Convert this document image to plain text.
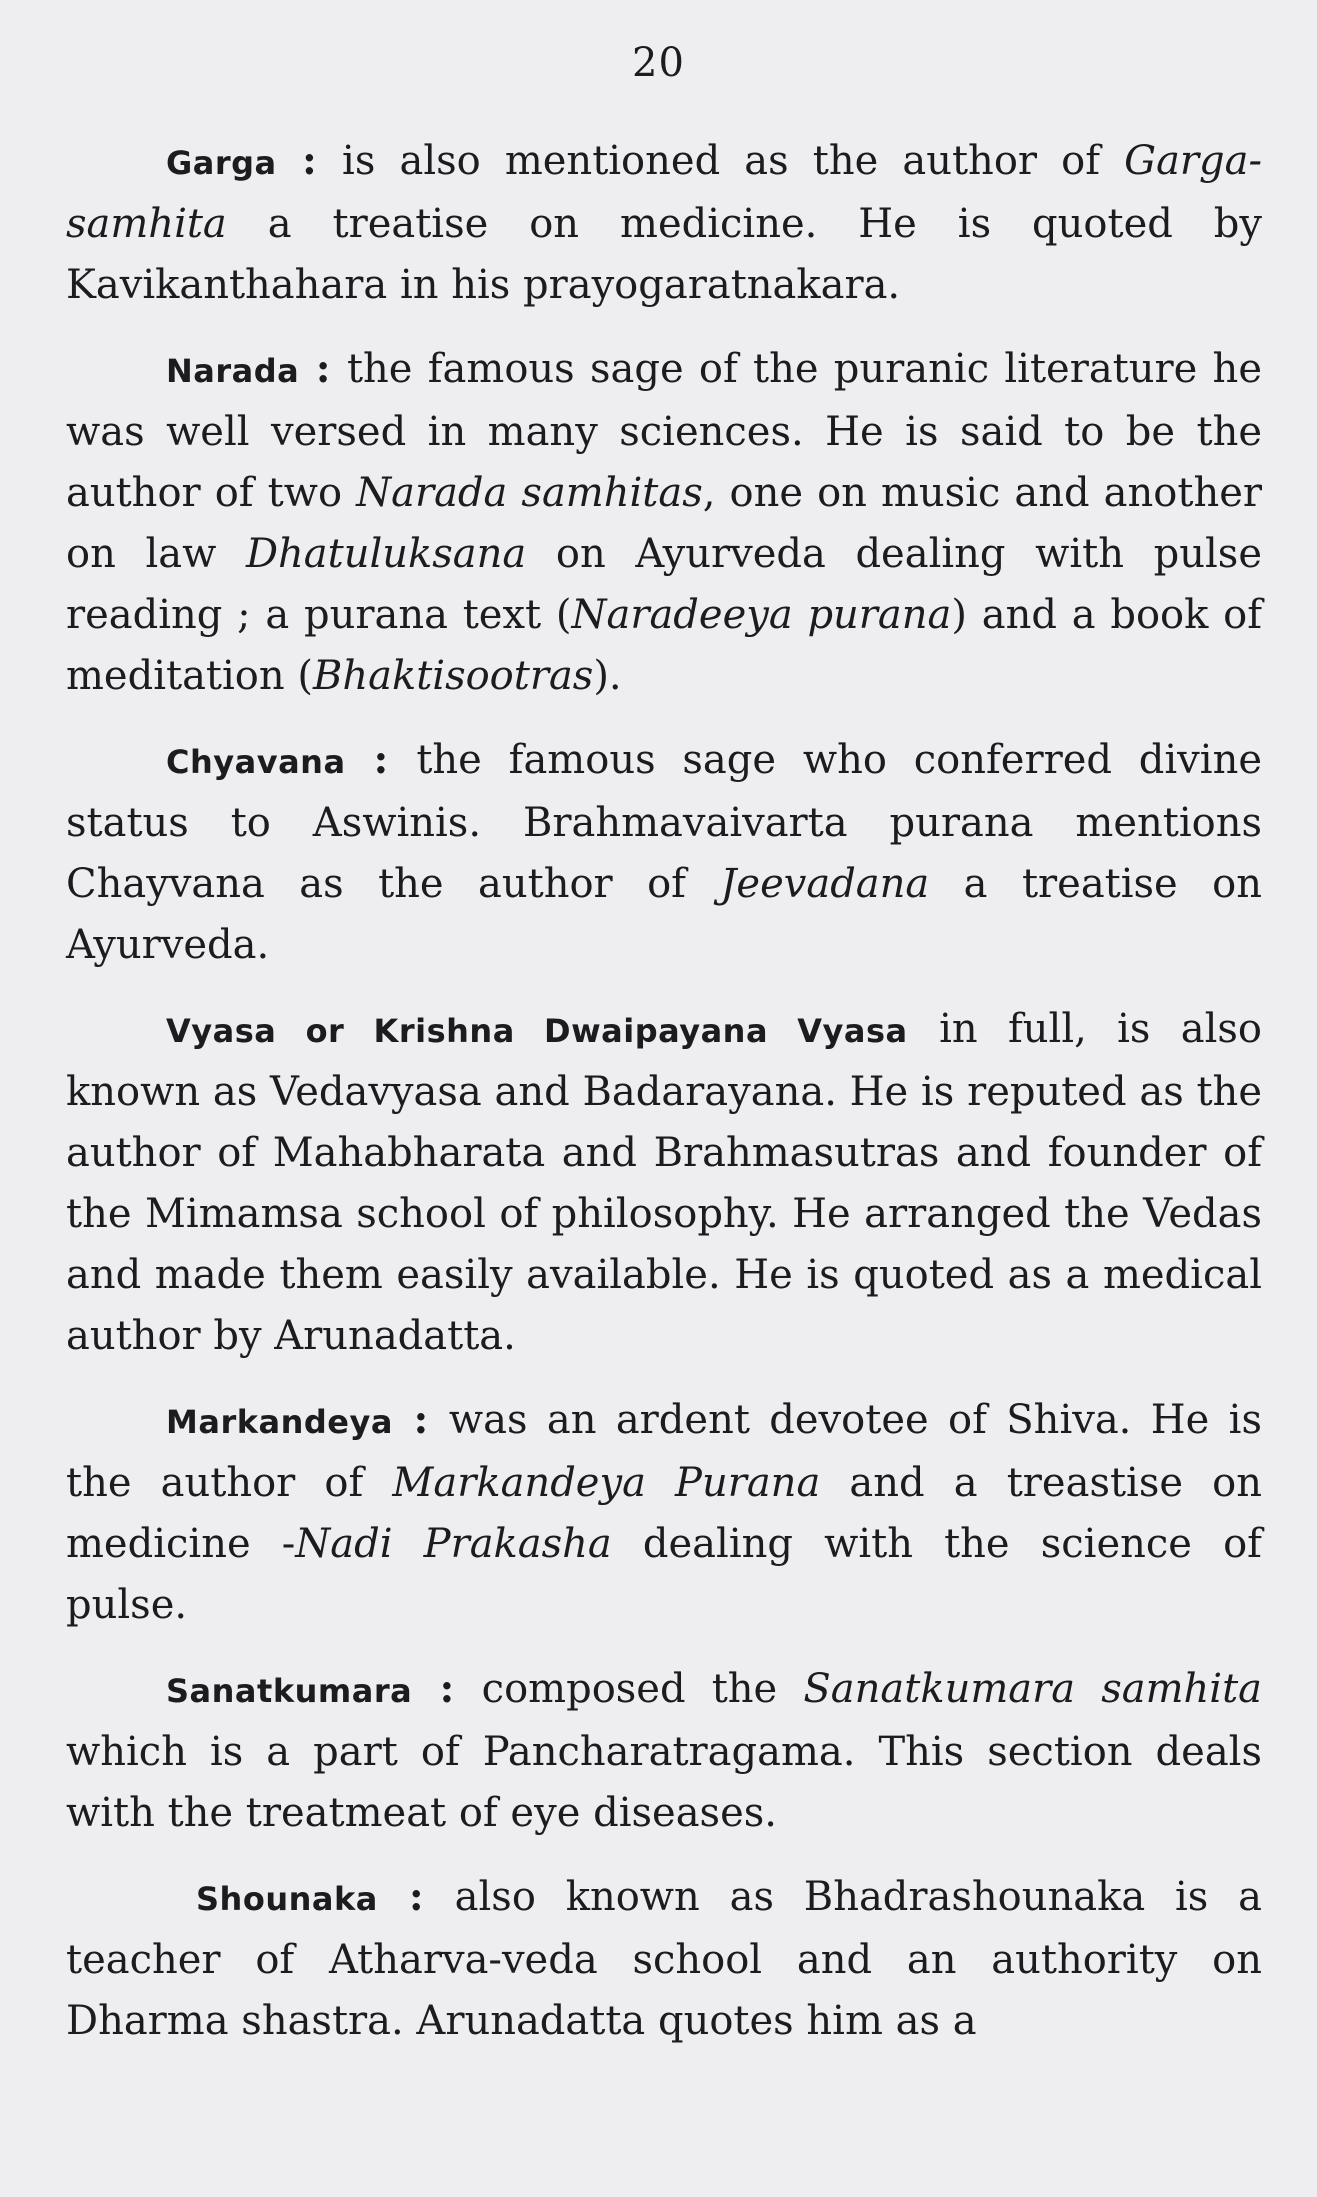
20

Garga : is also mentioned as the author of Garga-samhita a treatise on medicine. He is quoted by Kavikanthahara in his prayogaratnakara.

Narada : the famous sage of the puranic literature he was well versed in many sciences. He is said to be the author of two Narada samhitas, one on music and another on law Dhatuluksana on Ayurveda dealing with pulse reading ; a purana text (Naradeeya purana) and a book of meditation (Bhaktisootras).

Chyavana : the famous sage who conferred divine status to Aswinis. Brahmavaivarta purana mentions Chayvana as the author of Jeevadana a treatise on Ayurveda.

Vyasa or Krishna Dwaipayana Vyasa in full, is also known as Vedavyasa and Badarayana. He is reputed as the author of Mahabharata and Brahmasutras and founder of the Mimamsa school of philosophy. He arranged the Vedas and made them easily available. He is quoted as a medical author by Arunadatta.

Markandeya : was an ardent devotee of Shiva. He is the author of Markandeya Purana and a treastise on medicine -Nadi Prakasha dealing with the science of pulse.

Sanatkumara : composed the Sanatkumara samhita which is a part of Pancharatragama. This section deals with the treatmeat of eye diseases.

Shounaka : also known as Bhadrashounaka is a teacher of Atharva-veda school and an authority on Dharma shastra. Arunadatta quotes him as a
